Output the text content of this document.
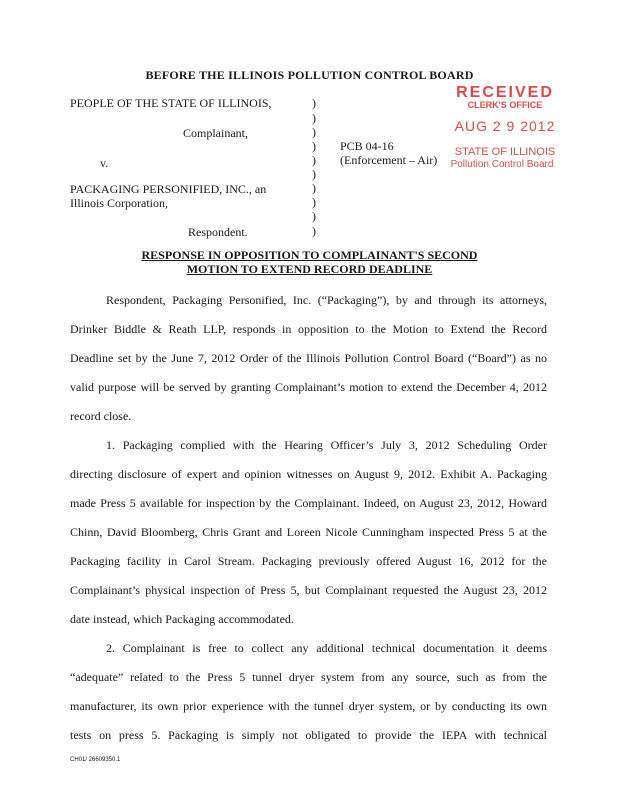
BEFORE THE ILLINOIS POLLUTION CONTROL BOARD
PEOPLE OF THE STATE OF ILLINOIS,
Complainant,
v.
PACKAGING PERSONIFIED, INC., an
Illinois Corporation,
Respondent.
)
)
)
)
)
)
)
)
)
)
PCB 04-16
(Enforcement – Air)
RECEIVED
CLERK'S OFFICE
AUG 2 9 2012
STATE OF ILLINOIS
Pollution Control Board
RESPONSE IN OPPOSITION TO COMPLAINANT'S SECOND
MOTION TO EXTEND RECORD DEADLINE
Respondent, Packaging Personified, Inc. (“Packaging”), by and through its attorneys,
Drinker Biddle & Reath LLP, responds in opposition to the Motion to Extend the Record
Deadline set by the June 7, 2012 Order of the Illinois Pollution Control Board (“Board”) as no
valid purpose will be served by granting Complainant’s motion to extend the December 4, 2012
record close.
1. Packaging complied with the Hearing Officer’s July 3, 2012 Scheduling Order
directing disclosure of expert and opinion witnesses on August 9, 2012. Exhibit A. Packaging
made Press 5 available for inspection by the Complainant. Indeed, on August 23, 2012, Howard
Chinn, David Bloomberg, Chris Grant and Loreen Nicole Cunningham inspected Press 5 at the
Packaging facility in Carol Stream. Packaging previously offered August 16, 2012 for the
Complainant’s physical inspection of Press 5, but Complainant requested the August 23, 2012
date instead, which Packaging accommodated.
2. Complainant is free to collect any additional technical documentation it deems
“adequate” related to the Press 5 tunnel dryer system from any source, such as from the
manufacturer, its own prior experience with the tunnel dryer system, or by conducting its own
tests on press 5. Packaging is simply not obligated to provide the IEPA with technical
CH01/ 26609350.1
